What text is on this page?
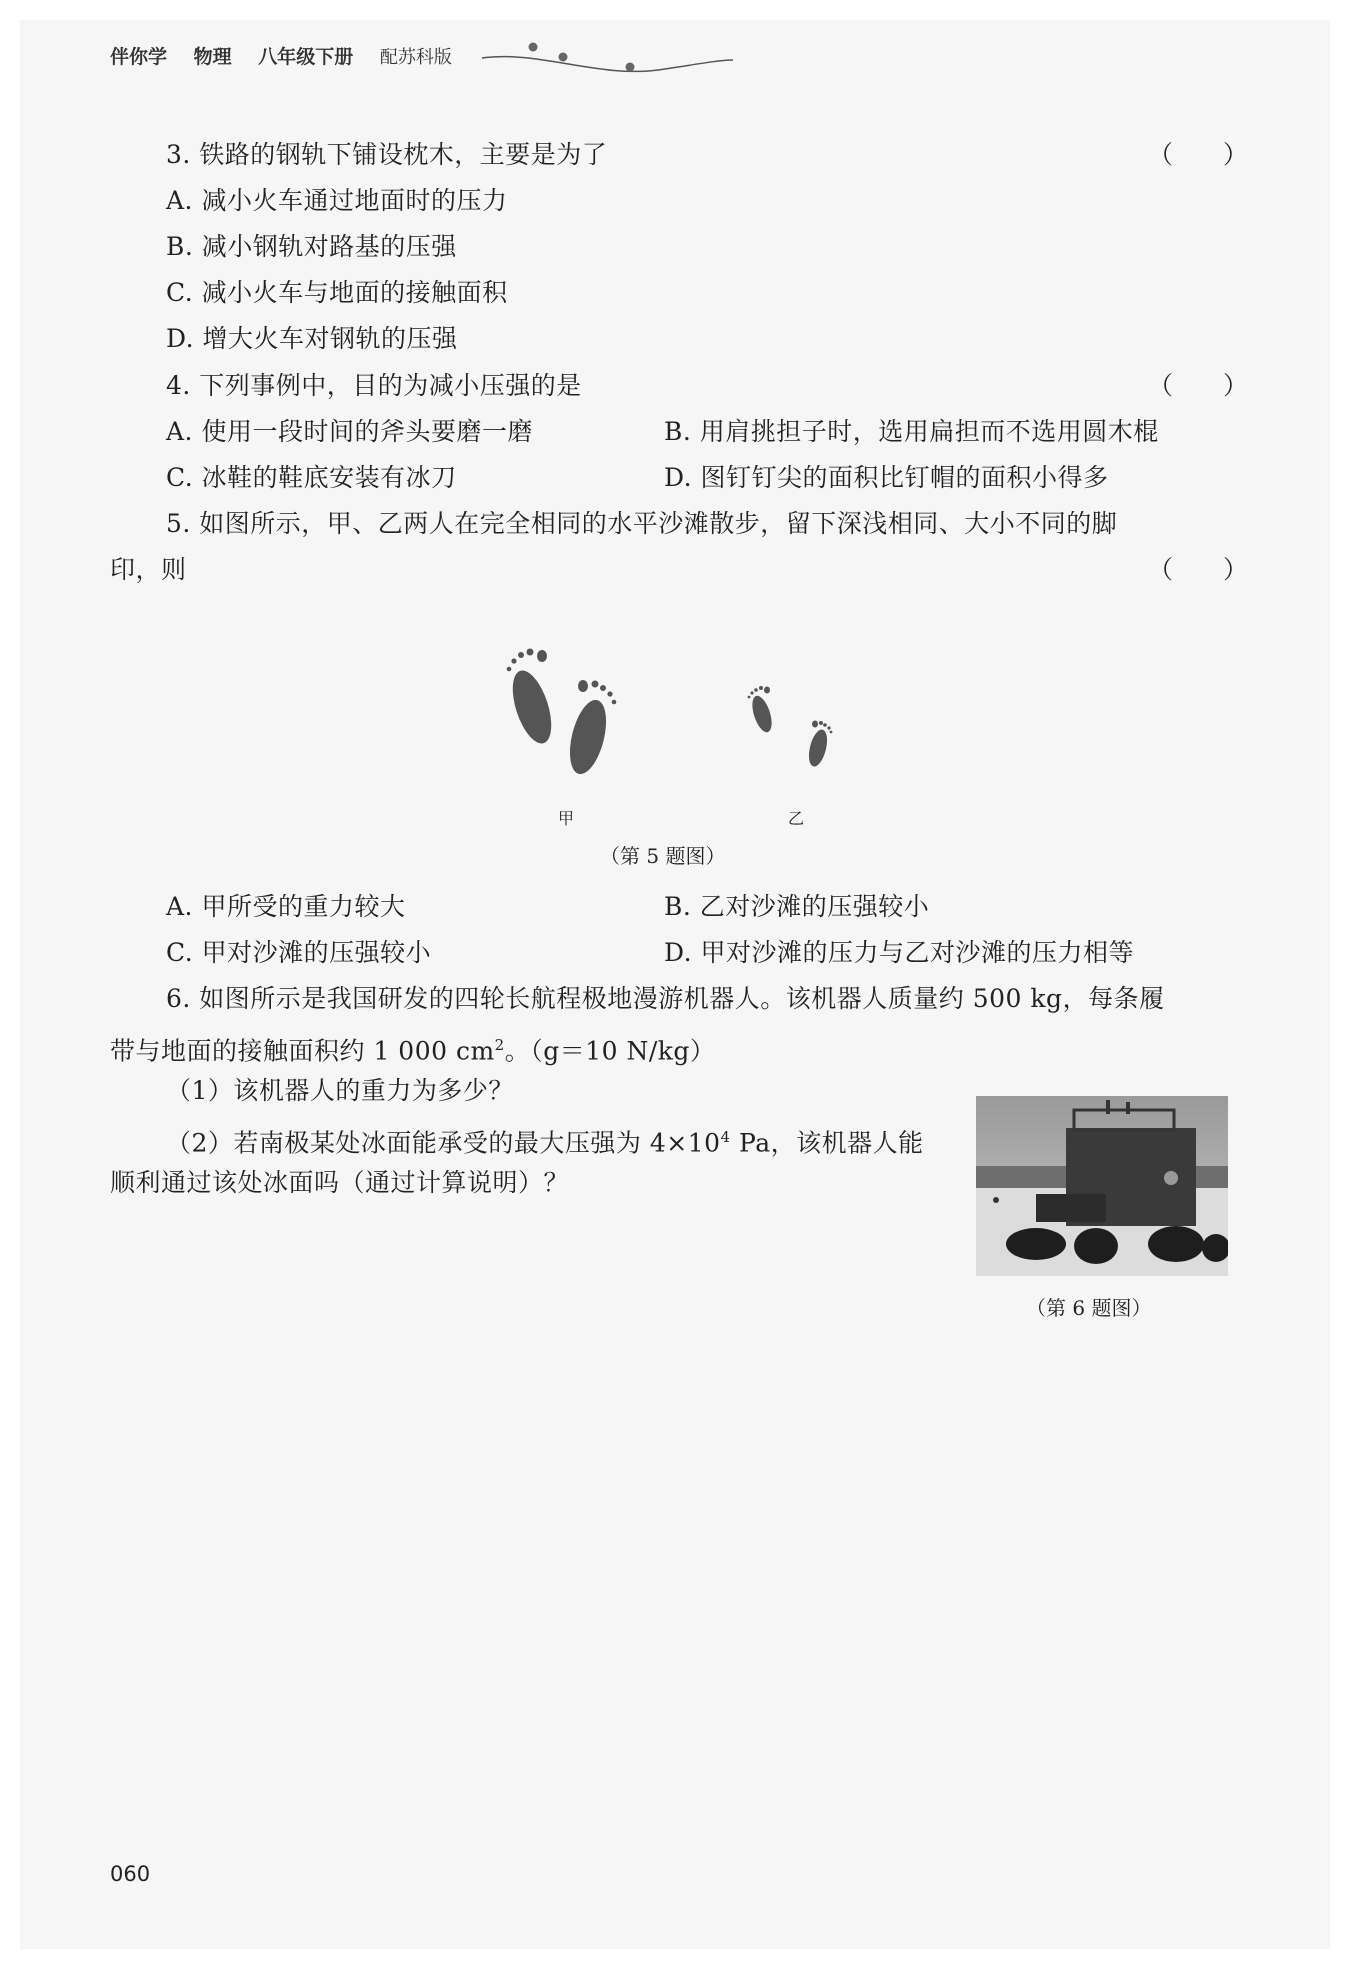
伴你学 物理 八年级下册 配苏科版
3. 铁路的钢轨下铺设枕木，主要是为了	（　　）
A. 减小火车通过地面时的压力
B. 减小钢轨对路基的压强
C. 减小火车与地面的接触面积
D. 增大火车对钢轨的压强
4. 下列事例中，目的为减小压强的是	（　　）
A. 使用一段时间的斧头要磨一磨	B. 用肩挑担子时，选用扁担而不选用圆木棍
C. 冰鞋的鞋底安装有冰刀	D. 图钉钉尖的面积比钉帽的面积小得多
5. 如图所示，甲、乙两人在完全相同的水平沙滩散步，留下深浅相同、大小不同的脚
印，则	（　　）
甲	乙
（第 5 题图）
A. 甲所受的重力较大	B. 乙对沙滩的压强较小
C. 甲对沙滩的压强较小	D. 甲对沙滩的压力与乙对沙滩的压力相等
6. 如图所示是我国研发的四轮长航程极地漫游机器人。该机器人质量约 500 kg，每条履
带与地面的接触面积约 1 000 $cm^2$。（g＝10 N/kg）
（1）该机器人的重力为多少？
（2）若南极某处冰面能承受的最大压强为 $4\times 10^4$ Pa，该机器人能
顺利通过该处冰面吗（通过计算说明）？
（第 6 题图）
060
